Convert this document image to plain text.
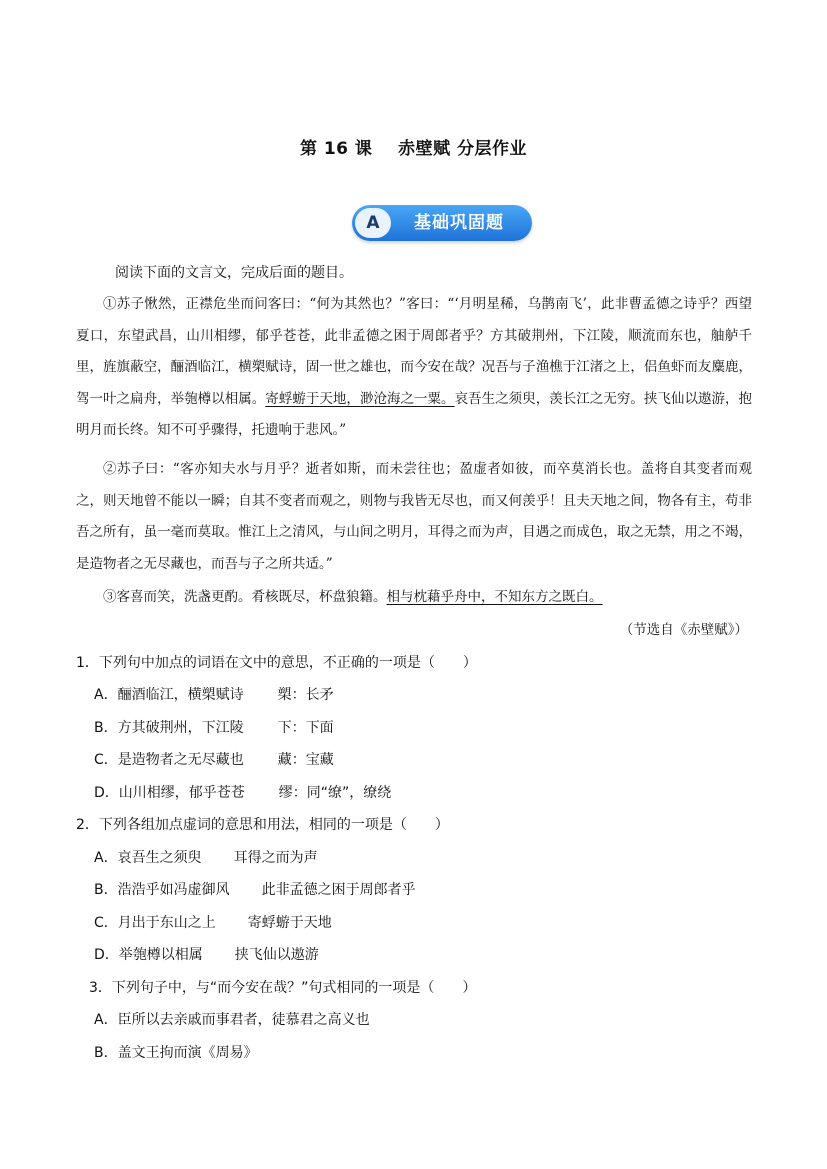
第 16 课 赤壁赋 分层作业
A	基础巩固题
阅读下面的文言文，完成后面的题目。
①苏子愀然，正襟危坐而问客曰：“何为其然也？”客曰：“‘月明星稀，乌鹊南飞’，此非曹孟德之诗乎？西望夏口，东望武昌，山川相缪，郁乎苍苍，此非孟德之困于周郎者乎？方其破荆州，下江陵，顺流而东也，舳舻千里，旌旗蔽空，酾酒临江，横槊赋诗，固一世之雄也，而今安在哉？况吾与子渔樵于江渚之上，侣鱼虾而友麋鹿，驾一叶之扁舟，举匏樽以相属。寄蜉蝣于天地，渺沧海之一粟。哀吾生之须臾，羡长江之无穷。挟飞仙以遨游，抱明月而长终。知不可乎骤得，托遗响于悲风。”
②苏子曰：“客亦知夫水与月乎？逝者如斯，而未尝往也；盈虚者如彼，而卒莫消长也。盖将自其变者而观之，则天地曾不能以一瞬；自其不变者而观之，则物与我皆无尽也，而又何羡乎！且夫天地之间，物各有主，苟非吾之所有，虽一毫而莫取。惟江上之清风，与山间之明月，耳得之而为声，目遇之而成色，取之无禁，用之不竭，是造物者之无尽藏也，而吾与子之所共适。”
③客喜而笑，洗盏更酌。肴核既尽，杯盘狼籍。相与枕藉乎舟中，不知东方之既白。
（节选自《赤壁赋》）
1．下列句中加点的词语在文中的意思，不正确的一项是（　　）
A．酾酒临江，横槊赋诗 槊：长矛
B．方其破荆州，下江陵 下：下面
C．是造物者之无尽藏也 藏：宝藏
D．山川相缪，郁乎苍苍 缪：同“缭”，缭绕
2．下列各组加点虚词的意思和用法，相同的一项是（　　）
A．哀吾生之须臾 耳得之而为声
B．浩浩乎如冯虚御风 此非孟德之困于周郎者乎
C．月出于东山之上 寄蜉蝣于天地
D．举匏樽以相属 挟飞仙以遨游
3．下列句子中，与“而今安在哉？”句式相同的一项是（　　）
A．臣所以去亲戚而事君者，徒慕君之高义也
B．盖文王拘而演《周易》
